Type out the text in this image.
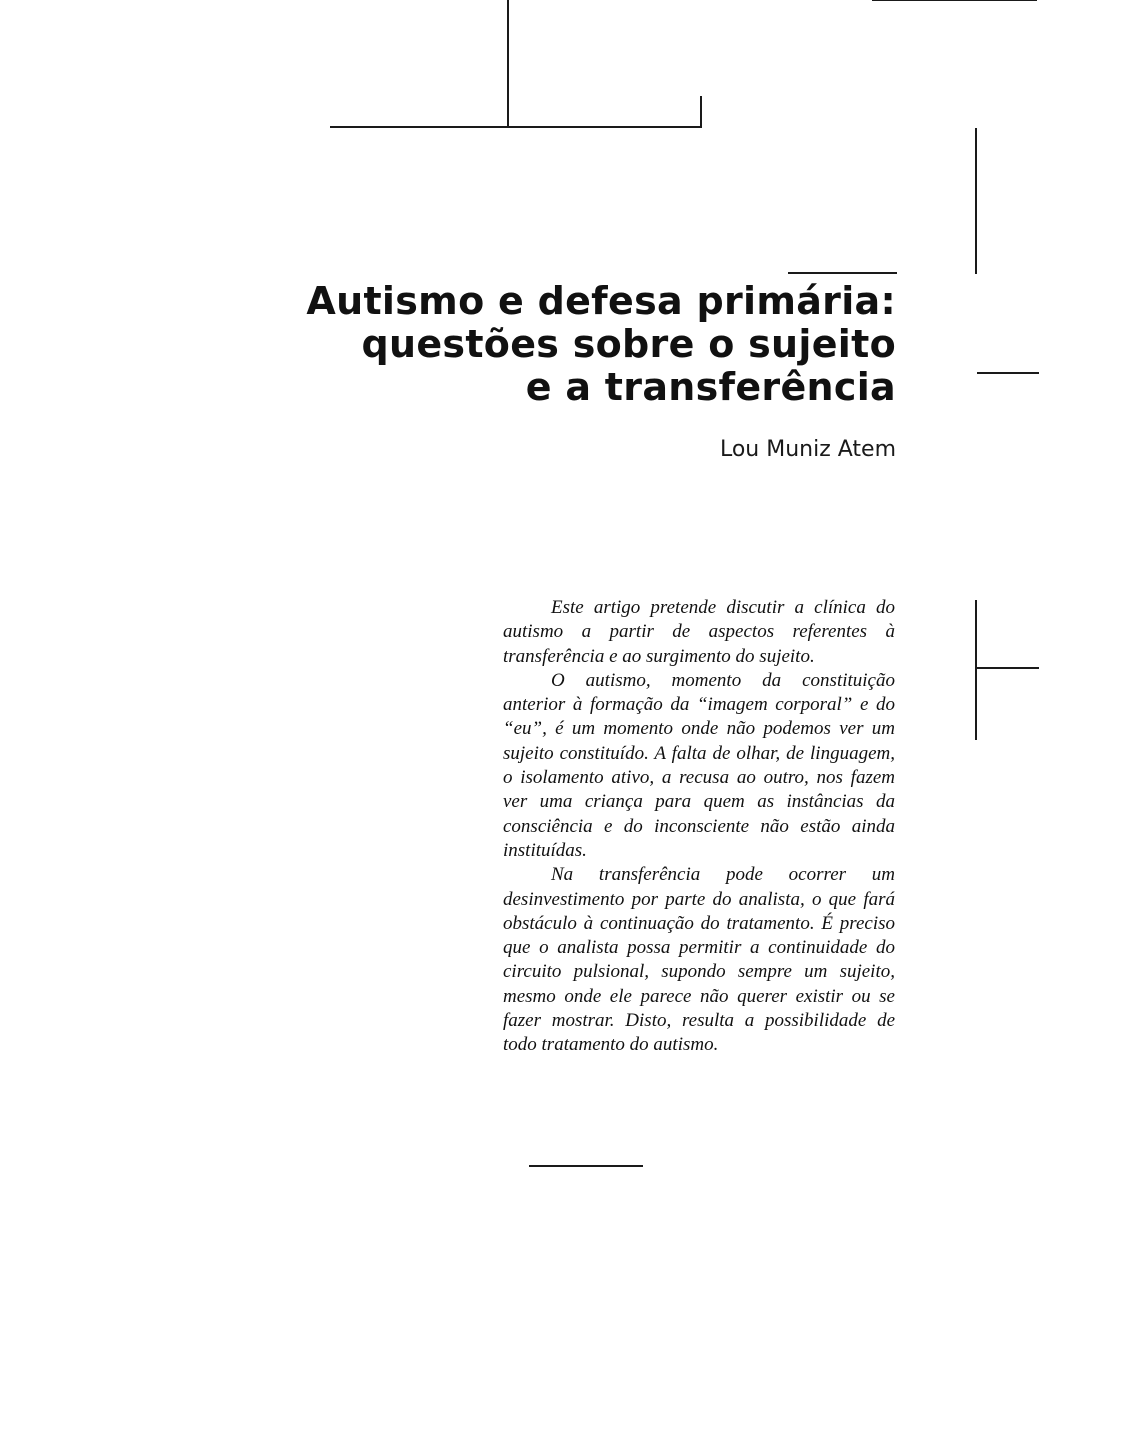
Autismo e defesa primária:
questões sobre o sujeito
e a transferência

Lou Muniz Atem

Este artigo pretende discutir a clínica do autismo a partir de aspectos referentes à transferência e ao surgimento do sujeito.

O autismo, momento da constituição anterior à formação da “imagem corporal” e do “eu”, é um momento onde não podemos ver um sujeito constituído. A falta de olhar, de linguagem, o isolamento ativo, a recusa ao outro, nos fazem ver uma criança para quem as instâncias da consciência e do inconsciente não estão ainda instituídas.

Na transferência pode ocorrer um desinvestimento por parte do analista, o que fará obstáculo à continuação do tratamento. É preciso que o analista possa permitir a continuidade do circuito pulsional, supondo sempre um sujeito, mesmo onde ele parece não querer existir ou se fazer mostrar. Disto, resulta a possibilidade de todo tratamento do autismo.
